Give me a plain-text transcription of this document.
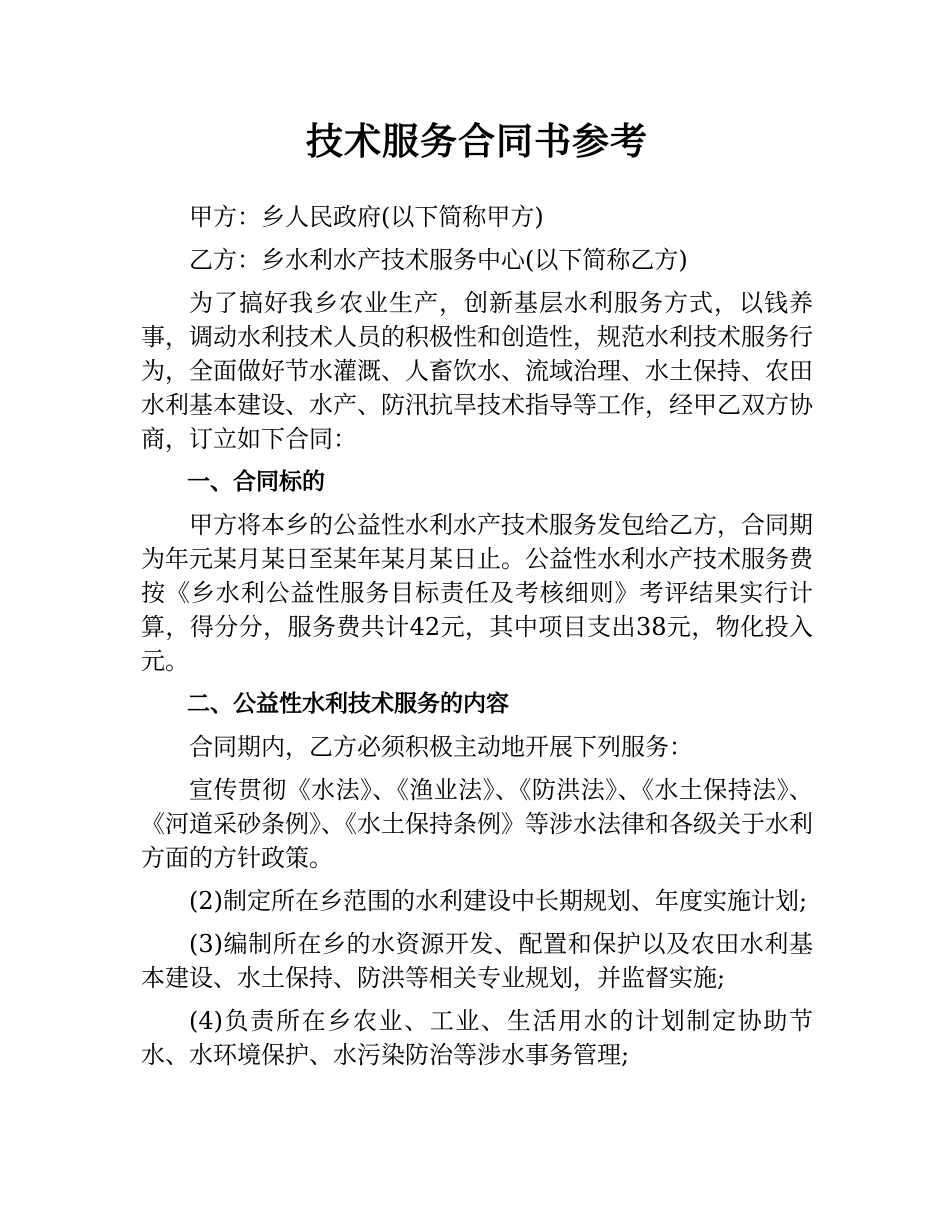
技术服务合同书参考

甲方：乡人民政府(以下简称甲方)

乙方：乡水利水产技术服务中心(以下简称乙方)

为了搞好我乡农业生产，创新基层水利服务方式，以钱养事，调动水利技术人员的积极性和创造性，规范水利技术服务行为，全面做好节水灌溉、人畜饮水、流域治理、水土保持、农田水利基本建设、水产、防汛抗旱技术指导等工作，经甲乙双方协商，订立如下合同：

一、合同标的

甲方将本乡的公益性水利水产技术服务发包给乙方，合同期为年元某月某日至某年某月某日止。公益性水利水产技术服务费按《乡水利公益性服务目标责任及考核细则》考评结果实行计算，得分分，服务费共计42元，其中项目支出38元，物化投入元。

二、公益性水利技术服务的内容

合同期内，乙方必须积极主动地开展下列服务：

宣传贯彻《水法》、《渔业法》、《防洪法》、《水土保持法》、《河道采砂条例》、《水土保持条例》等涉水法律和各级关于水利方面的方针政策。

(2)制定所在乡范围的水利建设中长期规划、年度实施计划;

(3)编制所在乡的水资源开发、配置和保护以及农田水利基本建设、水土保持、防洪等相关专业规划，并监督实施;

(4)负责所在乡农业、工业、生活用水的计划制定协助节水、水环境保护、水污染防治等涉水事务管理;
